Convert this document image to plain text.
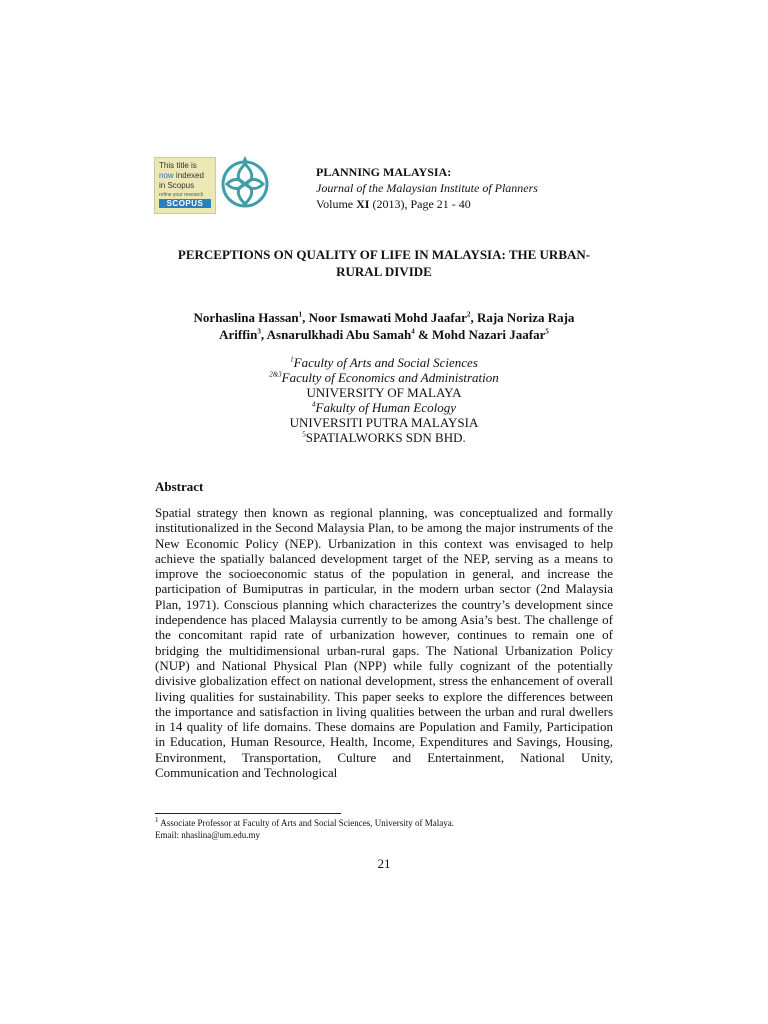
This title is
now indexed
in Scopus
refine your research
SCOPUS
PLANNING MALAYSIA:
Journal of the Malaysian Institute of Planners
Volume XI (2013), Page 21 - 40
PERCEPTIONS ON QUALITY OF LIFE IN MALAYSIA: THE URBAN-
RURAL DIVIDE
Norhaslina Hassan$^1$, Noor Ismawati Mohd Jaafar$^2$, Raja Noriza Raja
Ariffin$^3$, Asnarulkhadi Abu Samah$^4$ & Mohd Nazari Jaafar$^5$
$^1$Faculty of Arts and Social Sciences
$^{2\&3}$Faculty of Economics and Administration
UNIVERSITY OF MALAYA
$^4$Fakulty of Human Ecology
UNIVERSITI PUTRA MALAYSIA
$^5$SPATIALWORKS SDN BHD.
Abstract
Spatial strategy then known as regional planning, was conceptualized and formally institutionalized in the Second Malaysia Plan, to be among the major instruments of the New Economic Policy (NEP). Urbanization in this context was envisaged to help achieve the spatially balanced development target of the NEP, serving as a means to improve the socioeconomic status of the population in general, and increase the participation of Bumiputras in particular, in the modern urban sector (2nd Malaysia Plan, 1971). Conscious planning which characterizes the country’s development since independence has placed Malaysia currently to be among Asia’s best. The challenge of the concomitant rapid rate of urbanization however, continues to remain one of bridging the multidimensional urban-rural gaps. The National Urbanization Policy (NUP) and National Physical Plan (NPP) while fully cognizant of the potentially divisive globalization effect on national development, stress the enhancement of overall living qualities for sustainability. This paper seeks to explore the differences between the importance and satisfaction in living qualities between the urban and rural dwellers in 14 quality of life domains. These domains are Population and Family, Participation in Education, Human Resource, Health, Income, Expenditures and Savings, Housing, Environment, Transportation, Culture and Entertainment, National Unity, Communication and Technological
$^1$ Associate Professor at Faculty of Arts and Social Sciences, University of Malaya.
Email: nhaslina@um.edu.my
21
